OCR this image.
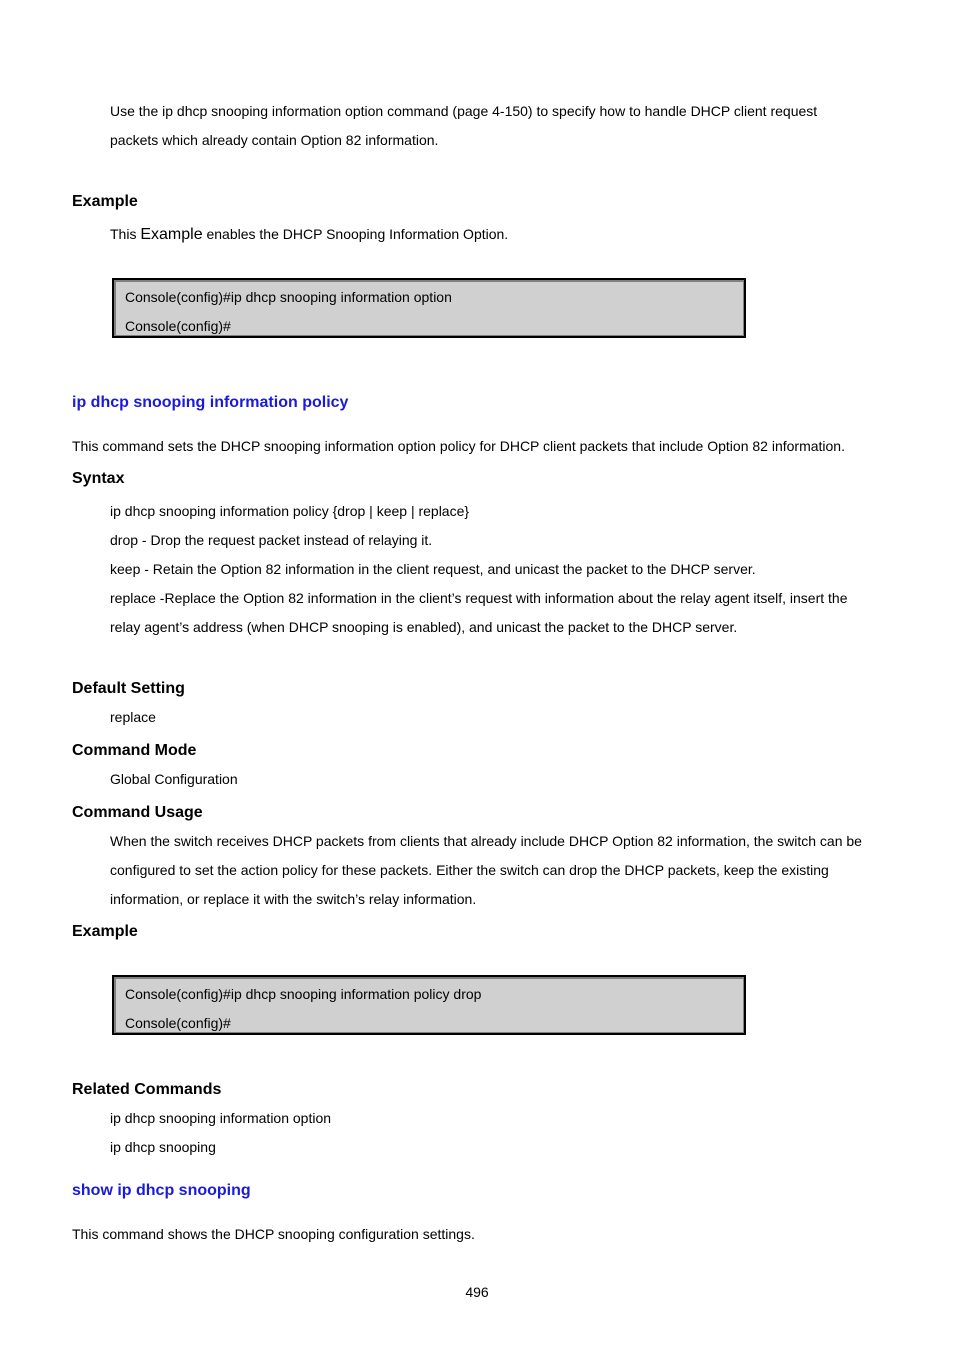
Use the ip dhcp snooping information option command (page 4-150) to specify how to handle DHCP client request
packets which already contain Option 82 information.
Example
This Example enables the DHCP Snooping Information Option.
Console(config)#ip dhcp snooping information option
Console(config)#
ip dhcp snooping information policy
This command sets the DHCP snooping information option policy for DHCP client packets that include Option 82 information.
Syntax
ip dhcp snooping information policy {drop | keep | replace}
drop - Drop the request packet instead of relaying it.
keep - Retain the Option 82 information in the client request, and unicast the packet to the DHCP server.
replace -Replace the Option 82 information in the client’s request with information about the relay agent itself, insert the
relay agent’s address (when DHCP snooping is enabled), and unicast the packet to the DHCP server.
Default Setting
replace
Command Mode
Global Configuration
Command Usage
When the switch receives DHCP packets from clients that already include DHCP Option 82 information, the switch can be
configured to set the action policy for these packets. Either the switch can drop the DHCP packets, keep the existing
information, or replace it with the switch’s relay information.
Example
Console(config)#ip dhcp snooping information policy drop
Console(config)#
Related Commands
ip dhcp snooping information option
ip dhcp snooping
show ip dhcp snooping
This command shows the DHCP snooping configuration settings.
496
